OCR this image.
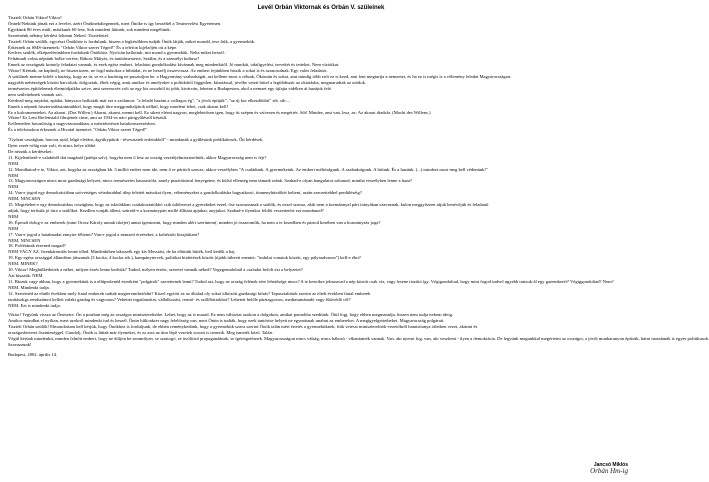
Levél Orbán Viktornak és Orbán V. szüleinek
Tisztelt Orbán Viktor!Viktor!
Önnek!Nekünk jónak ezt a levelet, azért Önöknekdiegennek, mert Önöke is így beszéltél a Testnevelési Egyetemen.
Egyikünk 80 éves múlt, másikunk 60 lesz. Sok mindent láttunk, sok mindent megéltünk.
Szeretnénk néhány kérdést feltenni Neked. Tisztelettel.
Tisztelt Orbán szülők, egyrészt Önökhöz is fordulunk, hiszen a legkésőbben tudják Önök látják, miket mondd, tesz fiúk, a gyermekük.
Érkeznek az SMS-üzenetek: "Orbán Viktor szeret Téged!" És a telefon kijelzőjén ott a képe.
Kedves szülők, elképzelésünkben fordulunk Önökhöz. Nyolcán hallottuk, mit mond a gyermekük. Neha miket beszél.
Feltámadt volna néptánk bolke verése, Rákosi Mátyás, és tanítómesterre, Sztálin, és a személyi kultusz?
Ennek az országnak komoly feladatai vannak, és ezek egész embert, feladatot gondolkodást kívánnak meg mindenkitől. Jó munkát, odafigyelést, tervekét és tetteket. Nem vízióikat.
Viktor! Kérünk, ne haphodj, ne hiszterizzen, ne fogd másokra a hibáidat, és ne beszélj összevissza. Az emberi fejünkben hiszik a sokat is és azonosulnak. Egy valós feladatot.
A szülőnek menne kifelé a határig, hogy az út, se ez a barátság ne pusztuljon be, a Hagyomány szabadságát, azt kellene most a célunk, Ökomán és sokat, ami mindig több erőt ez is kezd, ami fent megtartja a nemzetet, és ha ez is mégis is a vélemény feladat Magyarországon.
nagyobb nehézségek között harcoltak, dolgoztak, éltek végig, amit amikor és amelyeket a politikától független, kitartással, jövőbe vetett hittel a legtöbbször az oktatásba, megmaradtak az utódok.
természetes építőelemek életmódjaikba szíve, ami szerencsés volt az egy kis rosszból itt jobb, kivárván, lehetne a Budapesten, ahol a nemzet egy újfajta vidéken át hazájuk felé.
nem szüleiteknek vannak szó.
Kérdezd meg anyádat, apádat, hányszor hallották már ezt a szólamot: "a feladó hazám a csillagos ég", "a jövőt építjük", "az új kor elkezdődött" stb. stb....
Ennek a népnek hiszterizálásiránnükkel, hogy magát tűre meggondtaljátok nélkül, hogy mindent lehet, csak akarni kell!
Ez a kulcsmeneteket. Az akarat. (Das Willen.) Akarni, akarni, menni kell. Ez sikert elérni nagyon, meglehetősen igen, hogy itt szépen és szívesen és megértés. Sőt! Mindez, ami van, lesz, az: Az akarat diadala. (Macht des Willens.)
Viktor! Ez Leni Riefenstahl filmjének címe, ami az 1934-es náci pártgyűlésről készült.
Kellemetlen hasonlóság a nagyvárosunkban, a mérrtétetésen hatalomszerzésben.
És a telefonokon érkeznek a Hivatal üzenetei: "Orbán Viktor szeret Téged!"
"Győzni országban, harcias nyúl, bűgő elefánt, ágyúkypátok - tévesztatek erdeinkből" - mondanák a gyűlésünk prédikátorok, Őtt kérdések.
Ilyen vezér-világ már volt, és nincs helye többé.
De nézzük a kérdéseket:
11. Kijelenthető-e valakiből tkú magánál (párbja szív), hogyha nem ő lesz az ország vezetőjelmiszterelnök, akkor Magyarország nem is fejt?
NEM
12. Mondhatod-e te, Viktor, azt, hogyha az országban kb. 3 millió ember nem ide, nem ő re pártiolt szavaz, akkor veszélyben "A családunk. A gyermekeink. Az emberi méltóságunk. A szabadságunk. A hitünk. És a hazánk. (...) mindezt most meg kell védenünk!"
NEM
13. Magyarországon nincs most gazdasági helyzet, nincs természetes katasztrófa, amely puszításával fenyegetne, és külső ellenség nem támadt reánk. Szabad-e olyan hangulatot szítanod, mintha veszélyben lenne a haza?
NEM
14. Van-e jogod egy demokráciában szövetséges vétedarabbal ülep felettét másokat ilyen, véleményeket a gondolkodásba hagyatkozó, tönnenyhitetőkét kelteni, aztán szerzettebbel perdüléséig?
NEM, NINCSEN
15. Megtétehet-e egy demokratikus országban, hogy az iskolákban csatlakoztatókbó csik üdölereset a gyerekeket ezzel, őse szavazzanak a szülők, és ezzel szavaz, akik nem a kormánnyal párt irányában szavaznak, kulon meggyőzzen rájuk benévőjük és feladatul
adjuk, hogy terítsük jó útra a szülőket. Kezdlen vonják álleni, szüretű-e a kormánypárt mellé állítani apjukat, anyjukat. Szabad-e ilyenkor feldőt veszettetést ezt mondanod?
NEM
16. Épeszű dolog-e az emberek (mint Orosz Károly unnak iskéjei) annai igentoztni, hogy minden alért szerintem(, minden jó összeomlik, ha nem a te kezedben és pártod kezében van a kormányzás joga?
NEM
17. Van-e jogod a hatalmadat ennyire féltetni? Van-e jogod a nemzeti érzéseket, a kohézióit kisajátítani?
NEM, NINCSEN
18. Prófétának érzened magad?
NEM VAGY AZ. Istenkáromlás lenne tőled. Mindenkiben lakozzék egy kis Messiási, de ha elhittük hitték, beil kedők a baj.
19. Egy egész országgal állandóan játszanak (3 kocka, 4 kocka stb.), kampánytervek, politikai hirdetések között (újabb útleteti enentet: "indulni vonatok között, egy pályaudvaron") kell-e élni?
NEM. MINEK?
10. Viktor! Meghülkedettek a néhet, milyen érzés lenne kedvük? Tudod, milyen érzést, szeretet vannák néked? Vegzgenudolnál a csaladot befolt ezt a helyzetet?
Azt hiszzük: NEM
11. Bízzuk vagy abban, hogy a gyermekünk is a elhíprolenéd ezeriként "polgárok" szerettenek lenni? Tudod azt, hogy az ország felének sére lehetősége nincs? A te kezeikre jelmzavad a nép között csak víz, vagy lesene tisztító így. Végigondoltad, hogy mint fogod tudvel ugyebb tartsuk-ál egy gazemberét? Végiggondoltad? Nem?
NEM. Mindenki tudja.
12. Szeretnéd az elnűlt években mely fiatal emberek tudtak megteremthetődni? Közel egytött ez az általad oly sokat ülközött gazdasági kiírás? Tapasztaltátok szerint az eltelt években fiatal emberek
tanításokgs rendszámot kellett valaki gazdag és vagyonos? Vehettet ingatlanokat, vállalkozást, termő- és szőlőbirtokbot? Lehetett belőle párttagyonos, mediatumánadó vagy fűtövédő cél?
NEM. Ezt is mindenki tudja.
Viktor! Tegyünk vissza az Önöseire. Ön a postban még az országos miniszterelnöke. Lehet, hogy az is marad. Ez nem változtat azokon a dolgokon, amikat pontokba szedtünk. Ötül fogj, hogy ebben megmaradja, hiszen nem tudja nekem ideig.
Amikor mondhat el nyiltan, mert azokról mindenki tud és beszél. Önön hűlicnkrer nagy felelősség van, mert Önön is tudták, hogy ezek tantörtse helyett ne egymásnak unalmi az embereket. A megígyelgettetheket. Magyarország polgárait.
Tisztelt Orbán szülők! Elmondottam kell kérjük, hogy Önökhöz is forduljunk, de ebben reménykedünk, hogy a gyermekük szava szerint Önök talán mért értetés a gyermeküknek, fiúk vetesst miniszterelnök-vezetőkről hamisítanya ötletben vezet, akármi és
országosbezeret őszinteséggel. Gondolj, Önök is láttak már ilyeneket, és ez arra az útra lépő vezetek soront is ismerik. Meg ismerik kéző. Talán.
Végül kérünk mindenkit, minden felnőtt embert, hogy ne döljön be semmilyen, se szuttogó, se üvöltöző propagandának, se ígéretgetésnek. Magyarországon nincs válság, nincs háború - víkantatnék vannak. Van, aki nyerni fog, van, aki veszíteni - ilyen a demokrácia. De legyünk magunkkal megértetni az országot, a jövőt munkaranyon építsük, bárni mondanák is egyes politikusok.
Szavazzunk!
Budapest, 2002. április 14.
Jancsó Miklós
Orbán Hm-ig
